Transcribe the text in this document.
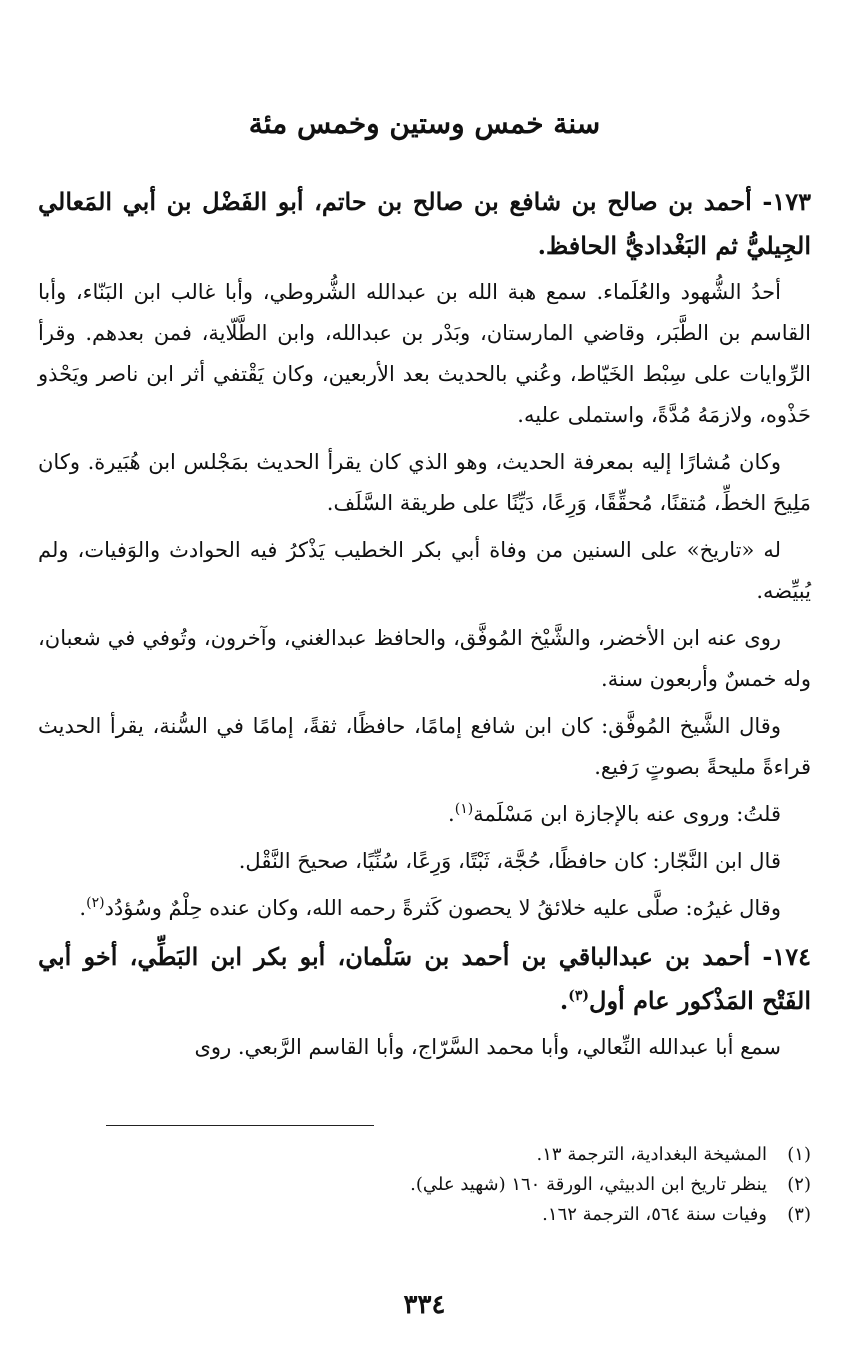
سنة خمس وستين وخمس مئة
١٧٣- أحمد بن صالح بن شافع بن صالح بن حاتم، أبو الفَضْل بن أبي المَعالي الجِيليُّ ثم البَغْداديُّ الحافظ.

أحدُ الشُّهود والعُلَماء. سمع هبة الله بن عبدالله الشُّروطي، وأبا غالب ابن البَنّاء، وأبا القاسم بن الطَّبَر، وقاضي المارستان، وبَدْر بن عبدالله، وابن الطَّلّاية، فمن بعدهم. وقرأ الرِّوايات على سِبْط الخَيّاط، وعُني بالحديث بعد الأربعين، وكان يَقْتفي أثر ابن ناصر ويَحْذو حَذْوه، ولازمَهُ مُدَّةً، واستملى عليه.

وكان مُشارًا إليه بمعرفة الحديث، وهو الذي كان يقرأ الحديث بمَجْلس ابن هُبَيرة. وكان مَلِيحَ الخطِّ، مُتقنًا، مُحقِّقًا، وَرِعًا، دَيِّنًا على طريقة السَّلَف.

له «تاريخ» على السنين من وفاة أبي بكر الخطيب يَذْكرُ فيه الحوادث والوَفيات، ولم يُبيِّضه.

روى عنه ابن الأخضر، والشَّيْخ المُوفَّق، والحافظ عبدالغني، وآخرون، وتُوفي في شعبان، وله خمسٌ وأربعون سنة.

وقال الشَّيخ المُوفَّق: كان ابن شافع إمامًا، حافظًا، ثقةً، إمامًا في السُّنة، يقرأ الحديث قراءةً مليحةً بصوتٍ رَفيع.

قلتُ: وروى عنه بالإجازة ابن مَسْلَمة$^{(١)}$.

قال ابن النَّجّار: كان حافظًا، حُجَّة، ثَبْتًا، وَرِعًا، سُنِّيًا، صحيحَ النَّقْل.

وقال غيرُه: صلَّى عليه خلائقُ لا يحصون كَثرةً رحمه الله، وكان عنده حِلْمٌ وسُؤدُد$^{(٢)}$.

١٧٤- أحمد بن عبدالباقي بن أحمد بن سَلْمان، أبو بكر ابن البَطِّي، أخو أبي الفَتْح المَذْكور عام أول$^{(٣)}$.

سمع أبا عبدالله النِّعالي، وأبا محمد السَّرّاج، وأبا القاسم الرَّبعي. روى

(١)
المشيخة البغدادية، الترجمة ١٣.
(٢)
ينظر تاريخ ابن الدبيثي، الورقة ١٦٠ (شهيد علي).
(٣)
وفيات سنة ٥٦٤، الترجمة ١٦٢.
٣٣٤
